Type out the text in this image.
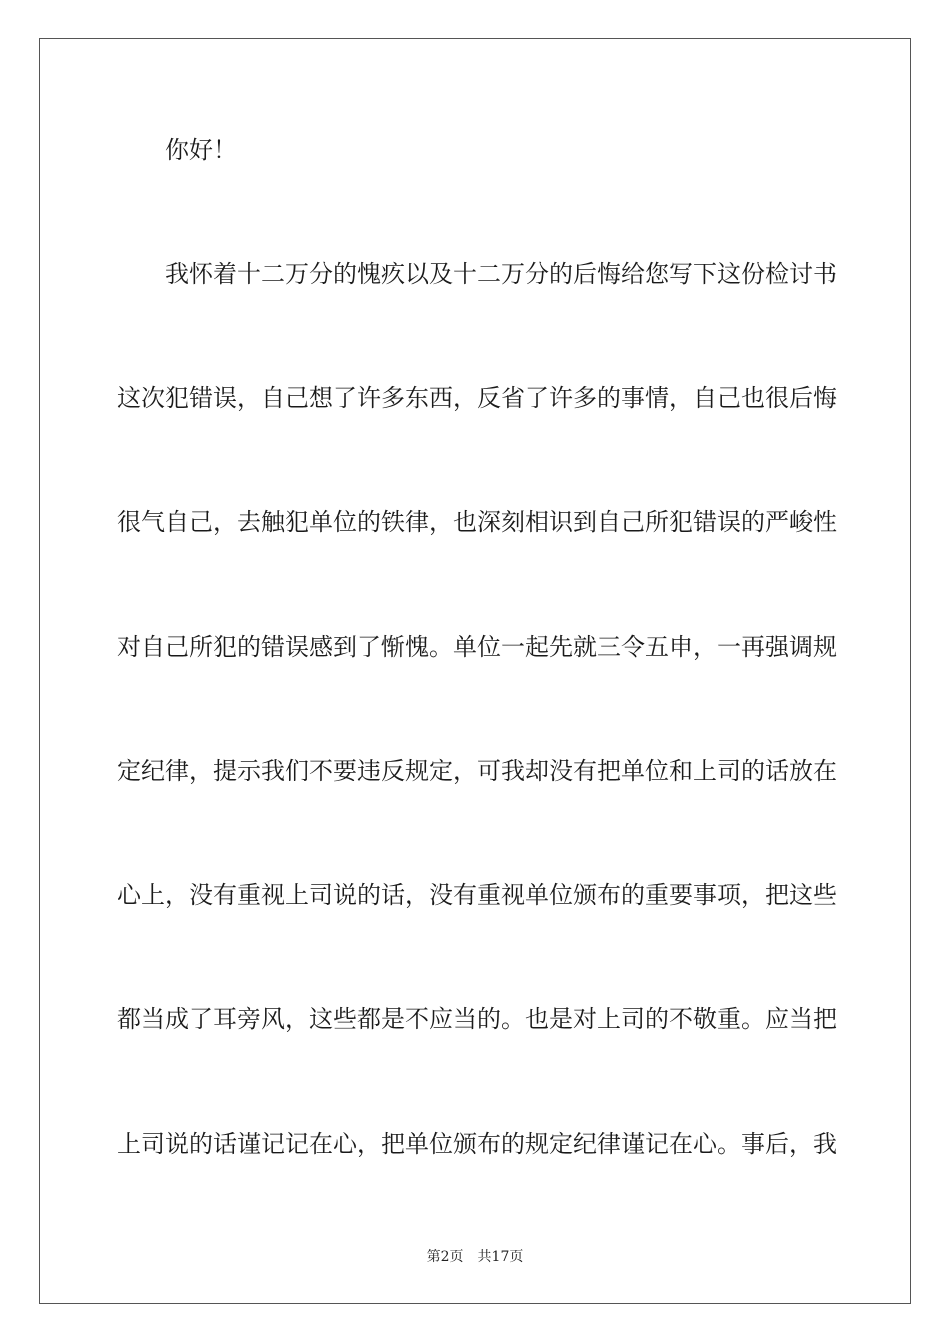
你好！
我怀着十二万分的愧疚以及十二万分的后悔给您写下这份检讨书
这次犯错误，自己想了许多东西，反省了许多的事情，自己也很后悔
很气自己，去触犯单位的铁律，也深刻相识到自己所犯错误的严峻性
对自己所犯的错误感到了惭愧。单位一起先就三令五申，一再强调规
定纪律，提示我们不要违反规定，可我却没有把单位和上司的话放在
心上，没有重视上司说的话，没有重视单位颁布的重要事项，把这些
都当成了耳旁风，这些都是不应当的。也是对上司的不敬重。应当把
上司说的话谨记记在心，把单位颁布的规定纪律谨记在心。事后，我
第2页 共17页
